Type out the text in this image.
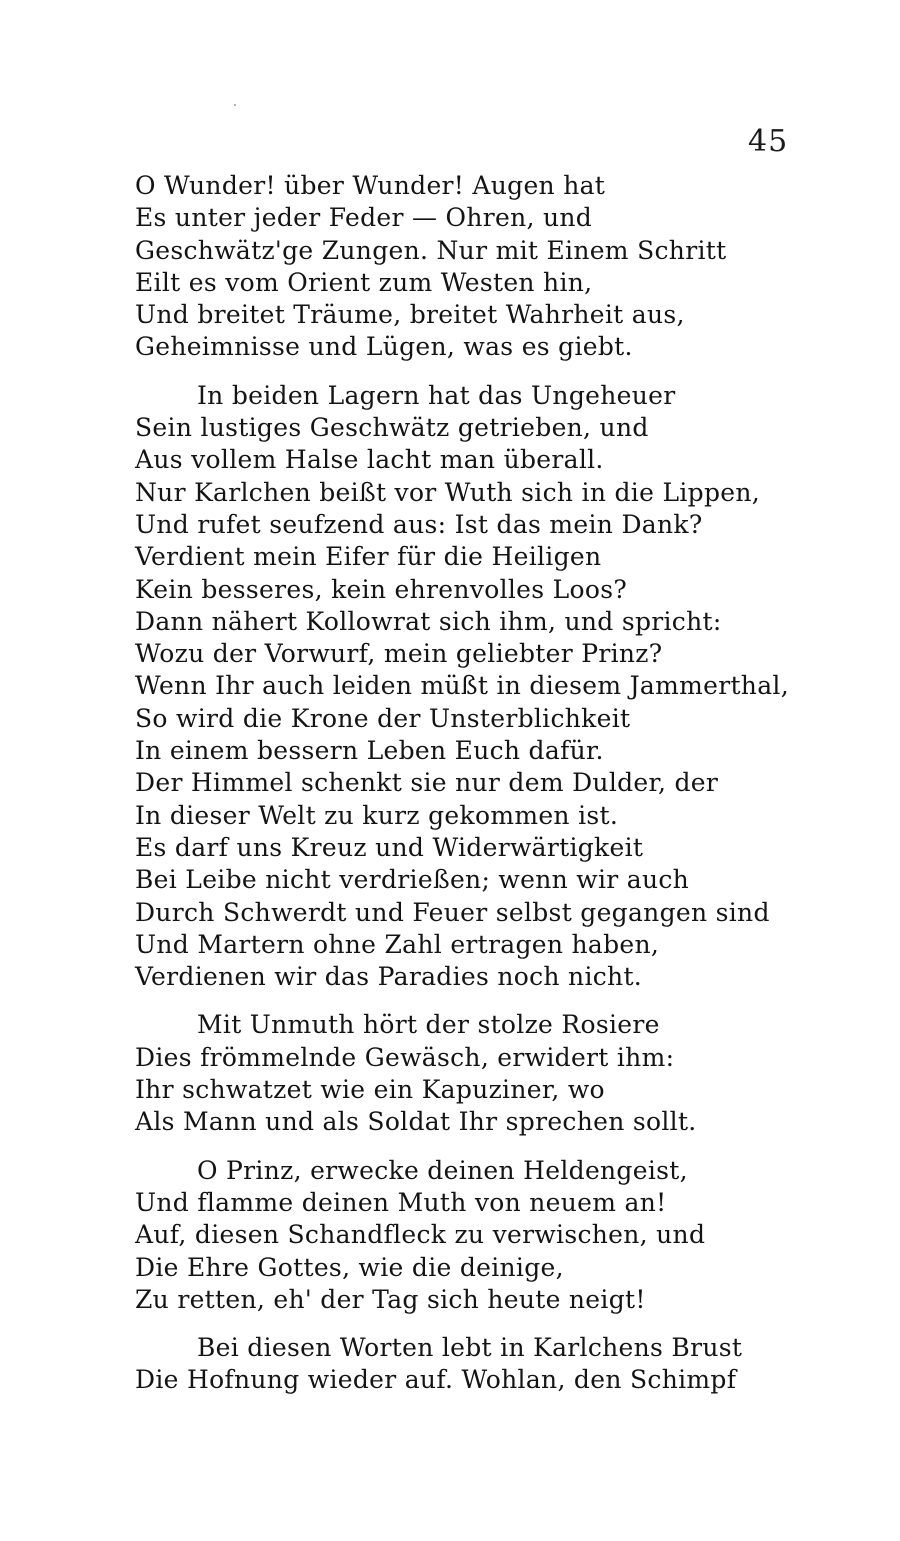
45
O Wunder! über Wunder! Augen hat
Es unter jeder Feder — Ohren, und
Geschwätz'ge Zungen. Nur mit Einem Schritt
Eilt es vom Orient zum Westen hin,
Und breitet Träume, breitet Wahrheit aus,
Geheimnisse und Lügen, was es giebt.
In beiden Lagern hat das Ungeheuer
Sein lustiges Geschwätz getrieben, und
Aus vollem Halse lacht man überall.
Nur Karlchen beißt vor Wuth sich in die Lippen,
Und rufet seufzend aus: Ist das mein Dank?
Verdient mein Eifer für die Heiligen
Kein besseres, kein ehrenvolles Loos?
Dann nähert Kollowrat sich ihm, und spricht:
Wozu der Vorwurf, mein geliebter Prinz?
Wenn Ihr auch leiden müßt in diesem Jammerthal,
So wird die Krone der Unsterblichkeit
In einem bessern Leben Euch dafür.
Der Himmel schenkt sie nur dem Dulder, der
In dieser Welt zu kurz gekommen ist.
Es darf uns Kreuz und Widerwärtigkeit
Bei Leibe nicht verdrießen; wenn wir auch
Durch Schwerdt und Feuer selbst gegangen sind
Und Martern ohne Zahl ertragen haben,
Verdienen wir das Paradies noch nicht.
Mit Unmuth hört der stolze Rosiere
Dies frömmelnde Gewäsch, erwidert ihm:
Ihr schwatzet wie ein Kapuziner, wo
Als Mann und als Soldat Ihr sprechen sollt.
O Prinz, erwecke deinen Heldengeist,
Und flamme deinen Muth von neuem an!
Auf, diesen Schandfleck zu verwischen, und
Die Ehre Gottes, wie die deinige,
Zu retten, eh' der Tag sich heute neigt!
Bei diesen Worten lebt in Karlchens Brust
Die Hofnung wieder auf. Wohlan, den Schimpf
